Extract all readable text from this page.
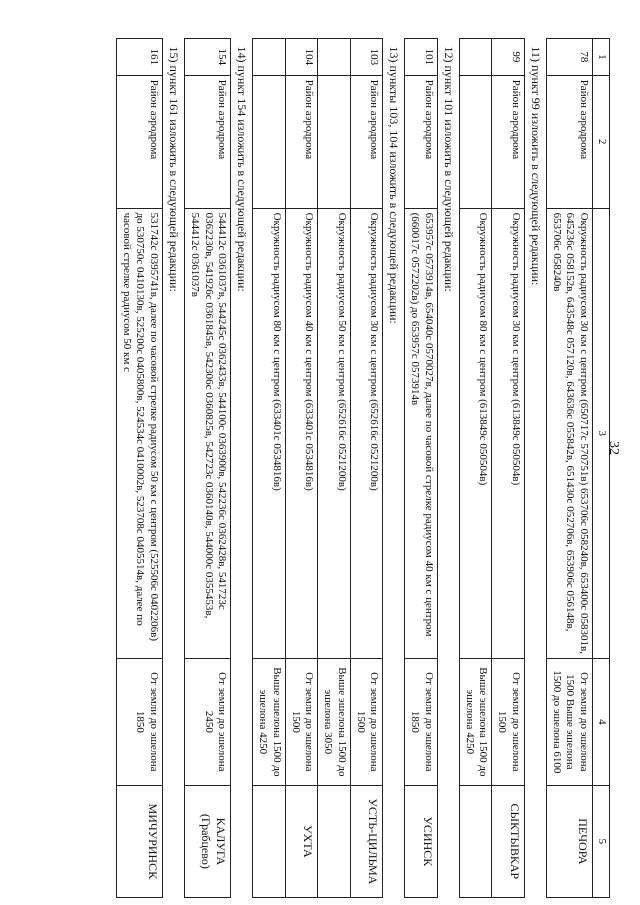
32
1	2	3	4	5
78	Район аэродрома	Окружность радиусом 30 км с центром (650717с 570751в) 653706с 058240в, 653400с 058301в, 645236с 058152в, 643548с 057120в, 643636с 055842в, 651430с 052706в, 653906с 056148в, 653706с 058240в	От земли до эшелона 1500 Выше эшелона 1500 до эшелона 6100	ПЕЧОРА
11) пункт 99 изложить в следующей редакции:				
99	Район аэродрома	Окружность радиусом 30 км с центром (613849с 050504в)	От земли до эшелона 1500	СЫКТЫВКАР
		Окружность радиусом 80 км с центром (613849с 050504в)	Выше эшелона 1500 до эшелона 4250	
12) пункт 101 изложить в следующей редакции:				
101	Район аэродрома	653957с 0573914в, 654040с 0570027в, далее по часовой стрелке радиусом 40 км с центром (660017с 0572202в) до 653957с 0573914в	От земли до эшелона 1850	УСИНСК
13) пункты 103, 104 изложить в следующей редакции:				
103	Район аэродрома	Окружность радиусом 30 км с центром (652616с 0521200в)	От земли до эшелона 1500	УСТЬ-ЦИЛЬМА
		Окружность радиусом 50 км с центром (652616с 0521200в)	Выше эшелона 1500 до эшелона 3050	
104	Район аэродрома	Окружность радиусом 40 км с центром (633401с 0534816в)	От земли до эшелона 1500	УХТА
		Окружность радиусом 80 км с центром (633401с 0534816в)	Выше эшелона 1500 до эшелона 4250	
14) пункт 154 изложить в следующей редакции:				
154	Район аэродрома	544412с 0361037в, 544245с 0362433в, 544100с 0363900в, 542236с 0362428в, 541723с 0362230в, 541926с 0361845в, 542306с 0360825в, 542723с 0360140в, 544000с 0355453в, 544412с 0361037в	От земли до эшелона 2450	КАЛУГА (Грабцево)
15) пункт 161 изложить в следующей редакции:				
161	Район аэродрома	531742с 0395741в, далее по часовой стрелке радиусом 50 км с центром (525506с 0402206в) до 530750с 0410130в, 525200с 0405800в, 524534с 0410002в, 523708с 0405514в, далее по часовой стрелке радиусом 50 км с	От земли до эшелона 1850	МИЧУРИНСК
